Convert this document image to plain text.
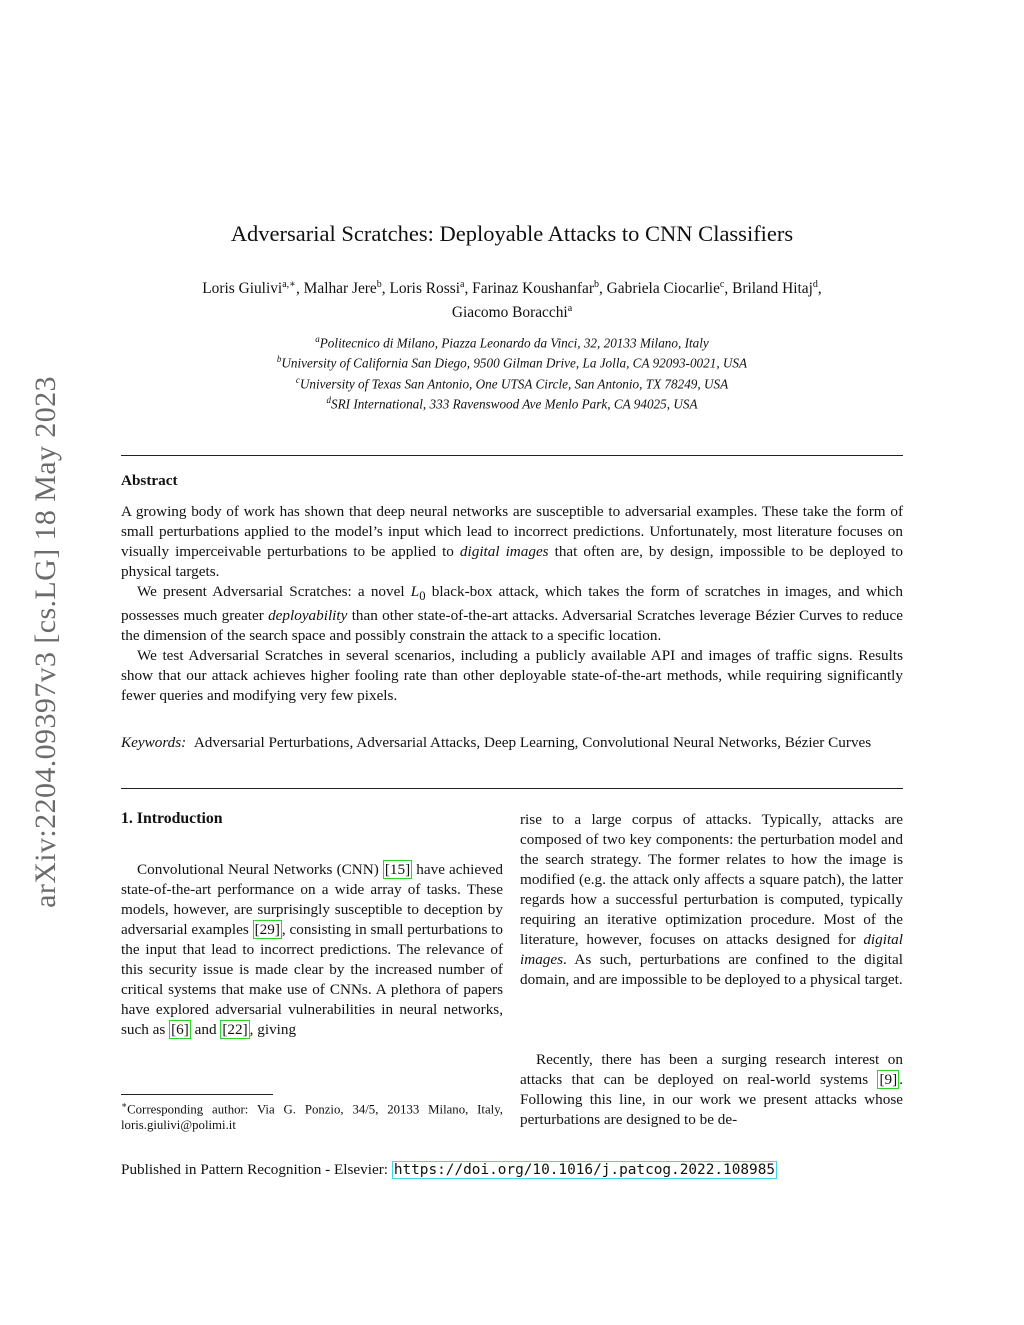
arXiv:2204.09397v3 [cs.LG] 18 May 2023
Adversarial Scratches: Deployable Attacks to CNN Classifiers
Loris Giulivi$^{a,∗}$, Malhar Jere$^b$, Loris Rossi$^a$, Farinaz Koushanfar$^b$, Gabriela Ciocarlie$^c$, Briland Hitaj$^d$,
Giacomo Boracchi$^a$
$^a$Politecnico di Milano, Piazza Leonardo da Vinci, 32, 20133 Milano, Italy
$^b$University of California San Diego, 9500 Gilman Drive, La Jolla, CA 92093-0021, USA
$^c$University of Texas San Antonio, One UTSA Circle, San Antonio, TX 78249, USA
$^d$SRI International, 333 Ravenswood Ave Menlo Park, CA 94025, USA
Abstract

A growing body of work has shown that deep neural networks are susceptible to adversarial examples. These take the form of small perturbations applied to the model’s input which lead to incorrect predictions. Unfortunately, most literature focuses on visually imperceivable perturbations to be applied to digital images that often are, by design, impossible to be deployed to physical targets.

We present Adversarial Scratches: a novel $L_0$ black-box attack, which takes the form of scratches in images, and which possesses much greater deployability than other state-of-the-art attacks. Adversarial Scratches leverage Bézier Curves to reduce the dimension of the search space and possibly constrain the attack to a specific location.

We test Adversarial Scratches in several scenarios, including a publicly available API and images of traffic signs. Results show that our attack achieves higher fooling rate than other deployable state-of-the-art methods, while requiring significantly fewer queries and modifying very few pixels.

Keywords: Adversarial Perturbations, Adversarial Attacks, Deep Learning, Convolutional Neural Networks, Bézier Curves
1. Introduction

Convolutional Neural Networks (CNN) [15] have achieved state-of-the-art performance on a wide array of tasks. These models, however, are surprisingly susceptible to deception by adversarial examples [29] , consisting in small perturbations to the input that lead to incorrect predictions. The relevance of this security issue is made clear by the increased number of critical systems that make use of CNNs. A plethora of papers have explored adversarial vulnerabilities in neural networks, such as [6] and [22] , giving

rise to a large corpus of attacks. Typically, attacks are composed of two key components: the perturbation model and the search strategy. The former relates to how the image is modified (e.g. the attack only affects a square patch), the latter regards how a successful perturbation is computed, typically requiring an iterative optimization procedure. Most of the literature, however, focuses on attacks designed for digital images. As such, perturbations are confined to the digital domain, and are impossible to be deployed to a physical target.

Recently, there has been a surging research interest on attacks that can be deployed on real-world systems [9] . Following this line, in our work we present attacks whose perturbations are designed to be de-

∗Corresponding author: Via G. Ponzio, 34/5, 20133 Milano, Italy, loris.giulivi@polimi.it
Published in Pattern Recognition - Elsevier: https://doi.org/10.1016/j.patcog.2022.108985
